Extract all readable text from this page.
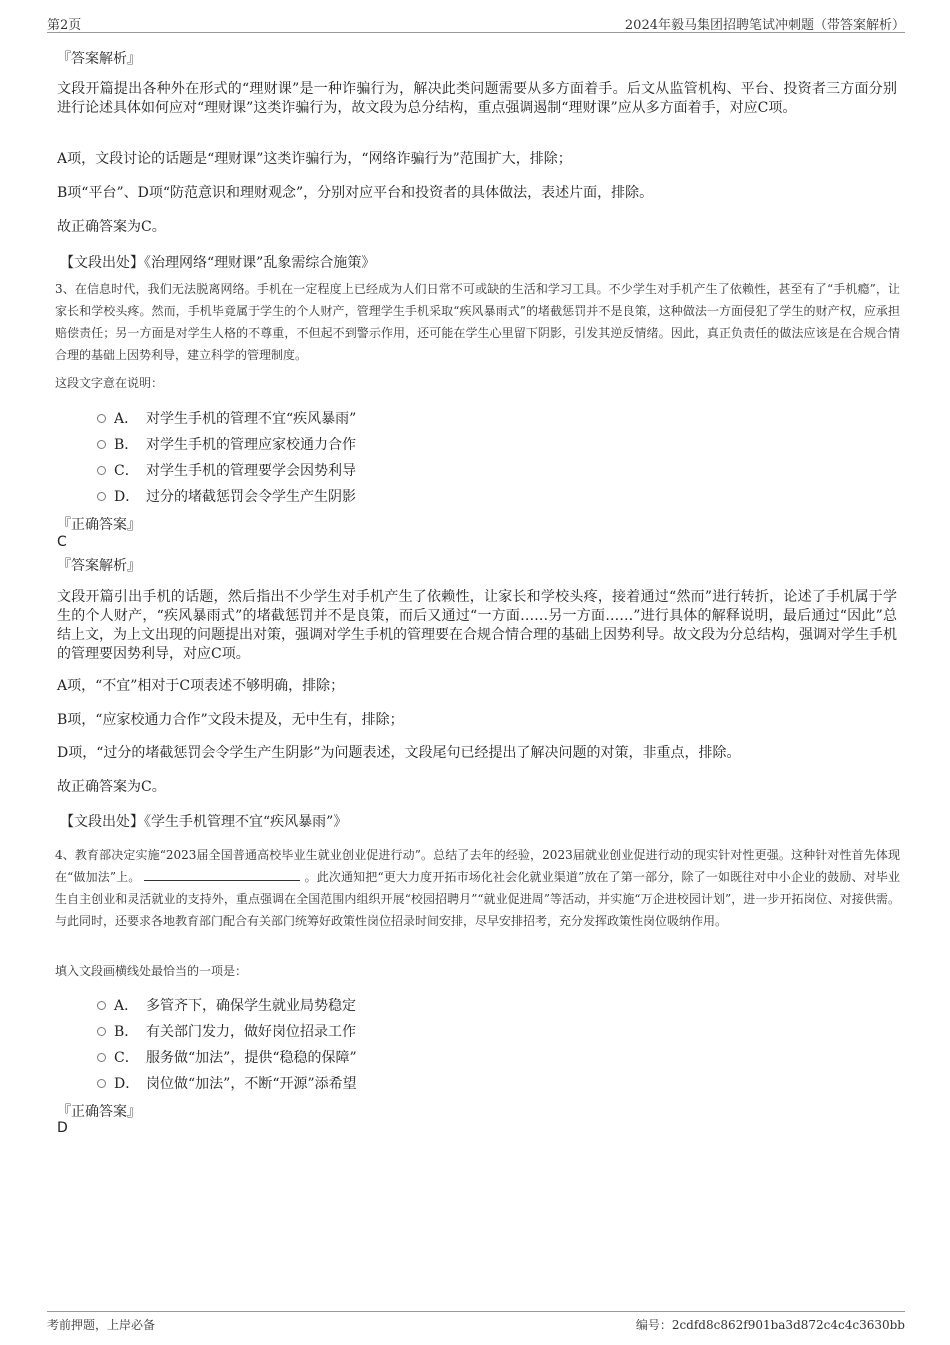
第2页	2024年毅马集团招聘笔试冲刺题（带答案解析）

『答案解析』

文段开篇提出各种外在形式的“理财课”是一种诈骗行为，解决此类问题需要从多方面着手。后文从监管机构、平台、投资者三方面分别进行论述具体如何应对“理财课”这类诈骗行为，故文段为总分结构，重点强调遏制“理财课”应从多方面着手，对应C项。

A项，文段讨论的话题是“理财课”这类诈骗行为，“网络诈骗行为”范围扩大，排除；

B项“平台”、D项“防范意识和理财观念”，分别对应平台和投资者的具体做法，表述片面，排除。

故正确答案为C。

【文段出处】《治理网络“理财课”乱象需综合施策》

3、在信息时代，我们无法脱离网络。手机在一定程度上已经成为人们日常不可或缺的生活和学习工具。不少学生对手机产生了依赖性，甚至有了“手机瘾”，让家长和学校头疼。然而，手机毕竟属于学生的个人财产，管理学生手机采取“疾风暴雨式”的堵截惩罚并不是良策，这种做法一方面侵犯了学生的财产权，应承担赔偿责任；另一方面是对学生人格的不尊重，不但起不到警示作用，还可能在学生心里留下阴影，引发其逆反情绪。因此，真正负责任的做法应该是在合规合情合理的基础上因势利导，建立科学的管理制度。

这段文字意在说明：

A． 对学生手机的管理不宜“疾风暴雨”
B． 对学生手机的管理应家校通力合作
C． 对学生手机的管理要学会因势利导
D． 过分的堵截惩罚会令学生产生阴影

『正确答案』

C

『答案解析』

文段开篇引出手机的话题，然后指出不少学生对手机产生了依赖性，让家长和学校头疼，接着通过“然而”进行转折，论述了手机属于学生的个人财产，“疾风暴雨式”的堵截惩罚并不是良策，而后又通过“一方面……另一方面……”进行具体的解释说明，最后通过“因此”总结上文，为上文出现的问题提出对策，强调对学生手机的管理要在合规合情合理的基础上因势利导。故文段为分总结构，强调对学生手机的管理要因势利导，对应C项。

A项，“不宜”相对于C项表述不够明确，排除；

B项，“应家校通力合作”文段未提及，无中生有，排除；

D项，“过分的堵截惩罚会令学生产生阴影”为问题表述，文段尾句已经提出了解决问题的对策，非重点，排除。

故正确答案为C。

【文段出处】《学生手机管理不宜“疾风暴雨”》

4、教育部决定实施“2023届全国普通高校毕业生就业创业促进行动”。总结了去年的经验，2023届就业创业促进行动的现实针对性更强。这种针对性首先体现在“做加法”上。	。此次通知把“更大力度开拓市场化社会化就业渠道”放在了第一部分，除了一如既往对中小企业的鼓励、对毕业生自主创业和灵活就业的支持外，重点强调在全国范围内组织开展“校园招聘月”“就业促进周”等活动，并实施“万企进校园计划”，进一步开拓岗位、对接供需。与此同时，还要求各地教育部门配合有关部门统筹好政策性岗位招录时间安排，尽早安排招考，充分发挥政策性岗位吸纳作用。

填入文段画横线处最恰当的一项是：

A． 多管齐下，确保学生就业局势稳定
B． 有关部门发力，做好岗位招录工作
C． 服务做“加法”，提供“稳稳的保障”
D． 岗位做“加法”，不断“开源”添希望

『正确答案』

D

考前押题，上岸必备	编号：2cdfd8c862f901ba3d872c4c4c3630bb
